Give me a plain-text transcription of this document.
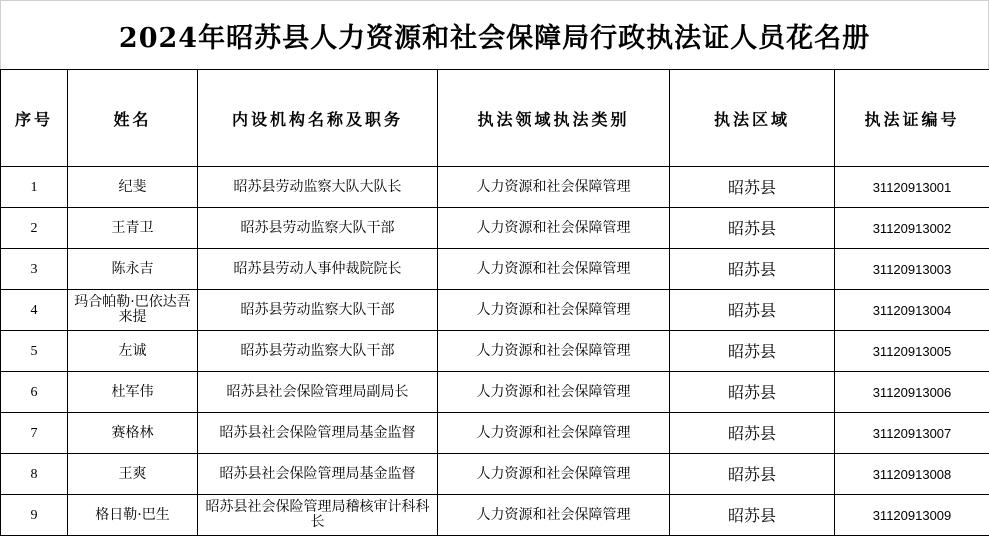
2024年昭苏县人力资源和社会保障局行政执法证人员花名册
序号	姓名	内设机构名称及职务	执法领域执法类别	执法区域	执法证编号
1	纪斐	昭苏县劳动监察大队大队长	人力资源和社会保障管理	昭苏县	31120913001
2	王青卫	昭苏县劳动监察大队干部	人力资源和社会保障管理	昭苏县	31120913002
3	陈永吉	昭苏县劳动人事仲裁院院长	人力资源和社会保障管理	昭苏县	31120913003
4	玛合帕勒·巴依达吾来提	昭苏县劳动监察大队干部	人力资源和社会保障管理	昭苏县	31120913004
5	左诚	昭苏县劳动监察大队干部	人力资源和社会保障管理	昭苏县	31120913005
6	杜军伟	昭苏县社会保险管理局副局长	人力资源和社会保障管理	昭苏县	31120913006
7	赛格林	昭苏县社会保险管理局基金监督	人力资源和社会保障管理	昭苏县	31120913007
8	王爽	昭苏县社会保险管理局基金监督	人力资源和社会保障管理	昭苏县	31120913008
9	格日勒·巴生	昭苏县社会保险管理局稽核审计科科长	人力资源和社会保障管理	昭苏县	31120913009
